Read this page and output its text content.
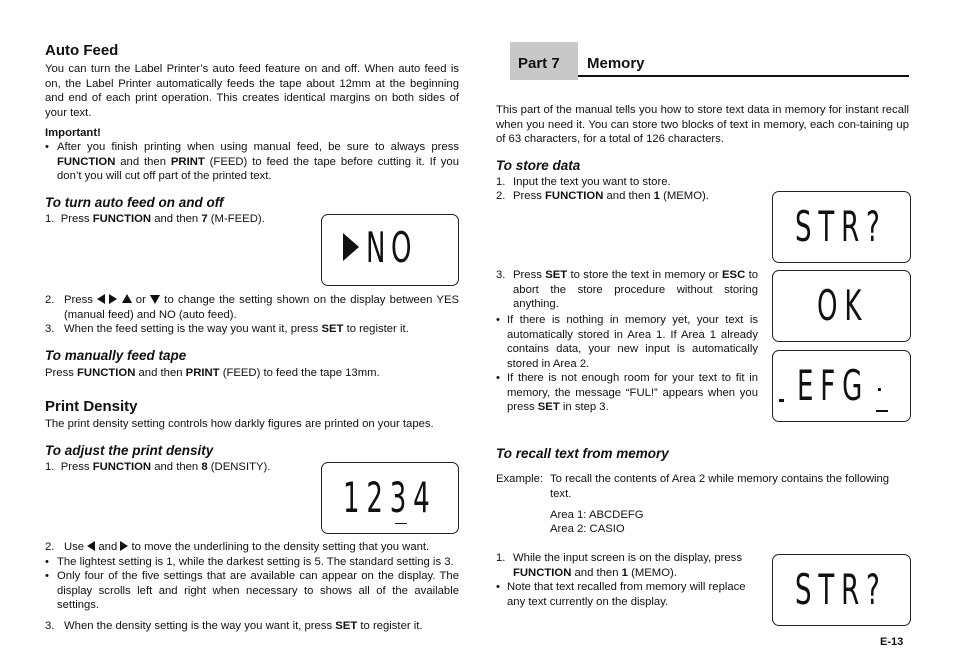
Auto Feed
You can turn the Label Printer’s auto feed feature on and off. When auto feed is on, the Label Printer automatically feeds the tape about 12mm at the beginning and end of each print operation. This creates identical margins on both sides of your text.
Important!
• After you finish printing when using manual feed, be sure to always press FUNCTION and then PRINT (FEED) to feed the tape before cutting it. If you don’t you will cut off part of the printed text.
To turn auto feed on and off
1. Press FUNCTION and then 7 (M-FEED).
NO
2. Press	or  to change the setting shown on the display between YES (manual feed) and NO (auto feed).
3. When the feed setting is the way you want it, press SET to register it.
To manually feed tape
Press FUNCTION and then PRINT (FEED) to feed the tape 13mm.
Print Density
The print density setting controls how darkly figures are printed on your tapes.
To adjust the print density
1. Press FUNCTION and then 8 (DENSITY).
1234
2. Use  and  to move the underlining to the density setting that you want.
• The lightest setting is 1, while the darkest setting is 5. The standard setting is 3.
• Only four of the five settings that are available can appear on the display. The display scrolls left and right when necessary to shows all of the available settings.
3. When the density setting is the way you want it, press SET to register it.
Part 7 Memory
This part of the manual tells you how to store text data in memory for instant recall when you need it. You can store two blocks of text in memory, each con-taining up of 63 characters, for a total of 126 characters.
To store data
1. Input the text you want to store.
2. Press FUNCTION and then 1 (MEMO).
STR?
3. Press SET to store the text in memory or ESC to abort the store procedure without storing anything.	OK
• If there is nothing in memory yet, your text is automatically stored in Area 1. If Area 1 already contains data, your new input is automatically stored in Area 2.	EFG
• If there is not enough room for your text to fit in memory, the message “FUL!” appears when you press SET in step 3.
To recall text from memory
Example: To recall the contents of Area 2 while memory contains the following text.
Area 1: ABCDEFG
Area 2: CASIO
1. While the input screen is on the display, press FUNCTION and then 1 (MEMO).
• Note that text recalled from memory will replace any text currently on the display.	STR?
E-13
